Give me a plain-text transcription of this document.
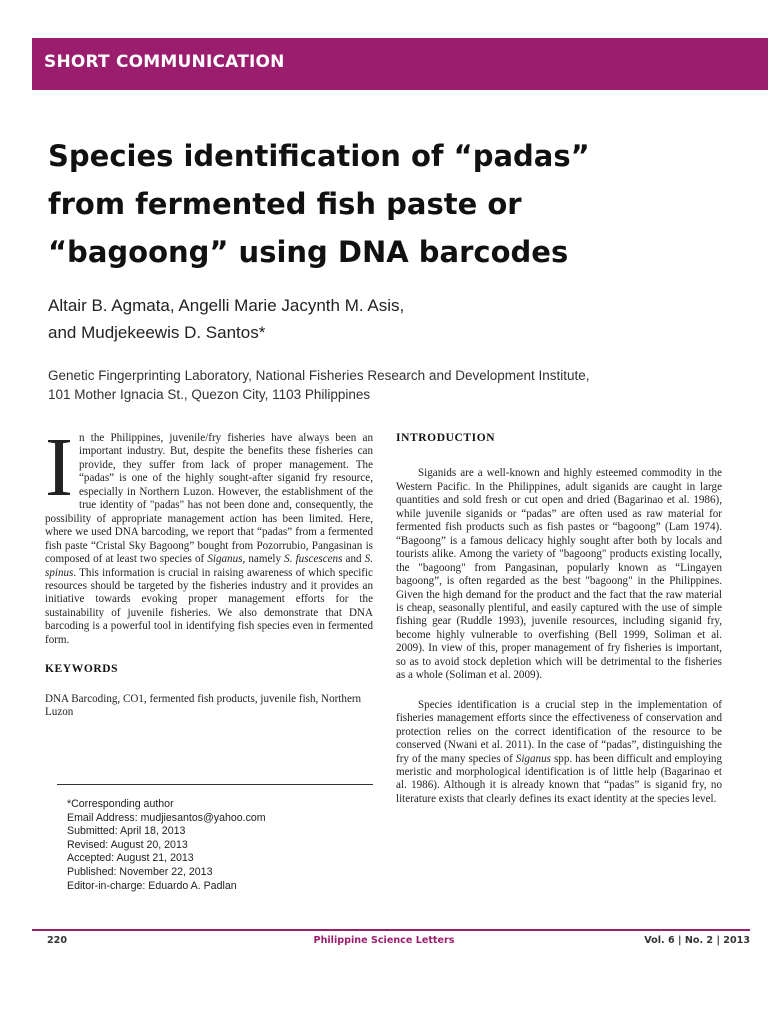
SHORT COMMUNICATION
Species identification of “padas”
from fermented fish paste or
“bagoong” using DNA barcodes
Altair B. Agmata, Angelli Marie Jacynth M. Asis,
and Mudjekeewis D. Santos*
Genetic Fingerprinting Laboratory, National Fisheries Research and Development Institute,
101 Mother Ignacia St., Quezon City, 1103 Philippines

In the Philippines, juvenile/fry fisheries have always been an important industry. But, despite the benefits these fisheries can provide, they suffer from lack of proper management. The “padas” is one of the highly sought-after siganid fry resource, especially in Northern Luzon. However, the establishment of the true identity of "padas" has not been done and, consequently, the possibility of appropriate management action has been limited. Here, where we used DNA barcoding, we report that “padas” from a fermented fish paste “Cristal Sky Bagoong” bought from Pozorrubio, Pangasinan is composed of at least two species of Siganus, namely S. fuscescens and S. spinus. This information is crucial in raising awareness of which specific resources should be targeted by the fisheries industry and it provides an initiative towards evoking proper management efforts for the sustainability of juvenile fisheries. We also demonstrate that DNA barcoding is a powerful tool in identifying fish species even in fermented form.

KEYWORDS

DNA Barcoding, CO1, fermented fish products, juvenile fish, Northern Luzon

*Corresponding author
Email Address: mudjiesantos@yahoo.com
Submitted: April 18, 2013
Revised: August 20, 2013
Accepted: August 21, 2013
Published: November 22, 2013
Editor-in-charge: Eduardo A. Padlan
INTRODUCTION

Siganids are a well-known and highly esteemed commodity in the Western Pacific. In the Philippines, adult siganids are caught in large quantities and sold fresh or cut open and dried (Bagarinao et al. 1986), while juvenile siganids or “padas” are often used as raw material for fermented fish products such as fish pastes or “bagoong” (Lam 1974). “Bagoong” is a famous delicacy highly sought after both by locals and tourists alike. Among the variety of "bagoong" products existing locally, the "bagoong" from Pangasinan, popularly known as “Lingayen bagoong”, is often regarded as the best "bagoong" in the Philippines. Given the high demand for the product and the fact that the raw material is cheap, seasonally plentiful, and easily captured with the use of simple fishing gear (Ruddle 1993), juvenile resources, including siganid fry, become highly vulnerable to overfishing (Bell 1999, Soliman et al. 2009). In view of this, proper management of fry fisheries is important, so as to avoid stock depletion which will be detrimental to the fisheries as a whole (Soliman et al. 2009).

Species identification is a crucial step in the implementation of fisheries management efforts since the effectiveness of conservation and protection relies on the correct identification of the resource to be conserved (Nwani et al. 2011). In the case of “padas”, distinguishing the fry of the many species of Siganus spp. has been difficult and employing meristic and morphological identification is of little help (Bagarinao et al. 1986). Although it is already known that “padas” is siganid fry, no literature exists that clearly defines its exact identity at the species level.

220	Philippine Science Letters	Vol. 6 | No. 2 | 2013
